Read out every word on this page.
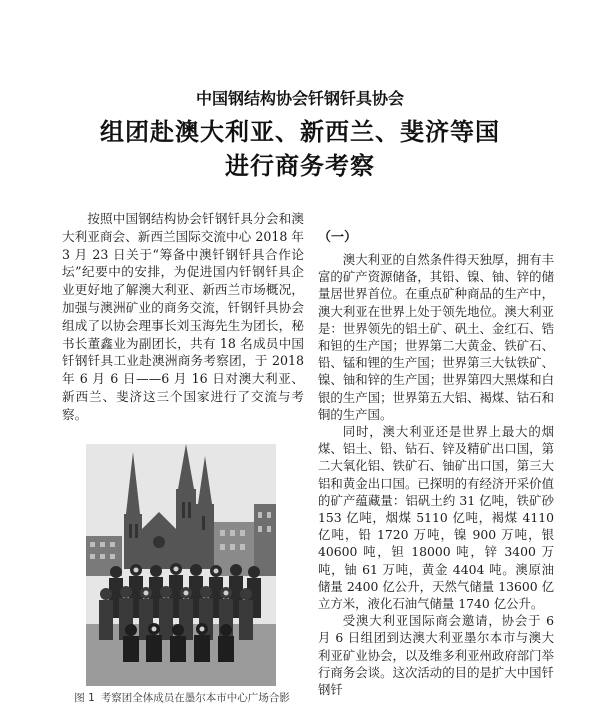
中国钢结构协会钎钢钎具协会
组团赴澳大利亚、新西兰、斐济等国
进行商务考察

按照中国钢结构协会钎钢钎具分会和澳大利亚商会、新西兰国际交流中心 2018 年 3 月 23 日关于“筹备中澳钎钢钎具合作论坛”纪要中的安排，为促进国内钎钢钎具企业更好地了解澳大利亚、新西兰市场概况，加强与澳洲矿业的商务交流，钎钢钎具协会组成了以协会理事长刘玉海先生为团长，秘书长董鑫业为副团长，共有 18 名成员中国钎钢钎具工业赴澳洲商务考察团，于 2018 年 6 月 6 日——6 月 16 日对澳大利亚、新西兰、斐济这三个国家进行了交流与考察。

图 1 考察团全体成员在墨尔本市中心广场合影
（一）

澳大利亚的自然条件得天独厚，拥有丰富的矿产资源储备，其铅、镍、铀、锌的储量居世界首位。在重点矿种商品的生产中，澳大利亚在世界上处于领先地位。澳大利亚是：世界领先的铝土矿、矾土、金红石、锆和钽的生产国；世界第二大黄金、铁矿石、铅、锰和锂的生产国；世界第三大钛铁矿、镍、铀和锌的生产国；世界第四大黑煤和白银的生产国；世界第五大铝、褐煤、钴石和铜的生产国。

同时，澳大利亚还是世界上最大的烟煤、铝土、铅、钻石、锌及精矿出口国，第二大氧化铝、铁矿石、铀矿出口国，第三大铝和黄金出口国。已探明的有经济开采价值的矿产蕴藏量：铝矾土约 31 亿吨，铁矿砂 153 亿吨，烟煤 5110 亿吨，褐煤 4110 亿吨，铅 1720 万吨，镍 900 万吨，银 40600 吨，钽 18000 吨，锌 3400 万吨，铀 61 万吨，黄金 4404 吨。澳原油储量 2400 亿公升，天然气储量 13600 亿立方米，液化石油气储量 1740 亿公升。

受澳大利亚国际商会邀请，协会于 6 月 6 日组团到达澳大利亚墨尔本市与澳大利亚矿业协会，以及维多利亚州政府部门举行商务会谈。这次活动的目的是扩大中国钎钢钎
